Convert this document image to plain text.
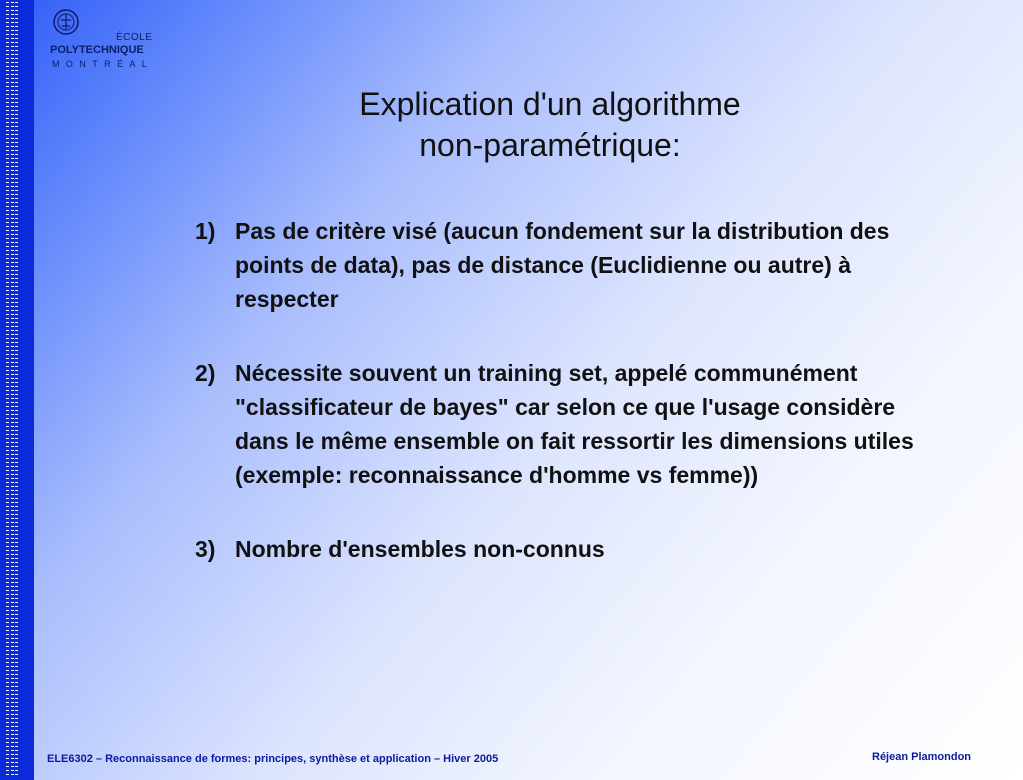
ÉCOLE
POLYTECHNIQUE
MONTRÉAL
Explication d'un algorithme
non-paramétrique:
1) Pas de critère visé (aucun fondement sur la distribution des points de data), pas de distance (Euclidienne ou autre) à respecter
2) Nécessite souvent un training set, appelé communément "classificateur de bayes" car selon ce que l'usage considère dans le même ensemble on fait ressortir les dimensions utiles (exemple: reconnaissance d'homme vs femme))
3) Nombre d'ensembles non-connus
ELE6302 – Reconnaissance de formes: principes, synthèse et application – Hiver 2005	Réjean Plamondon
